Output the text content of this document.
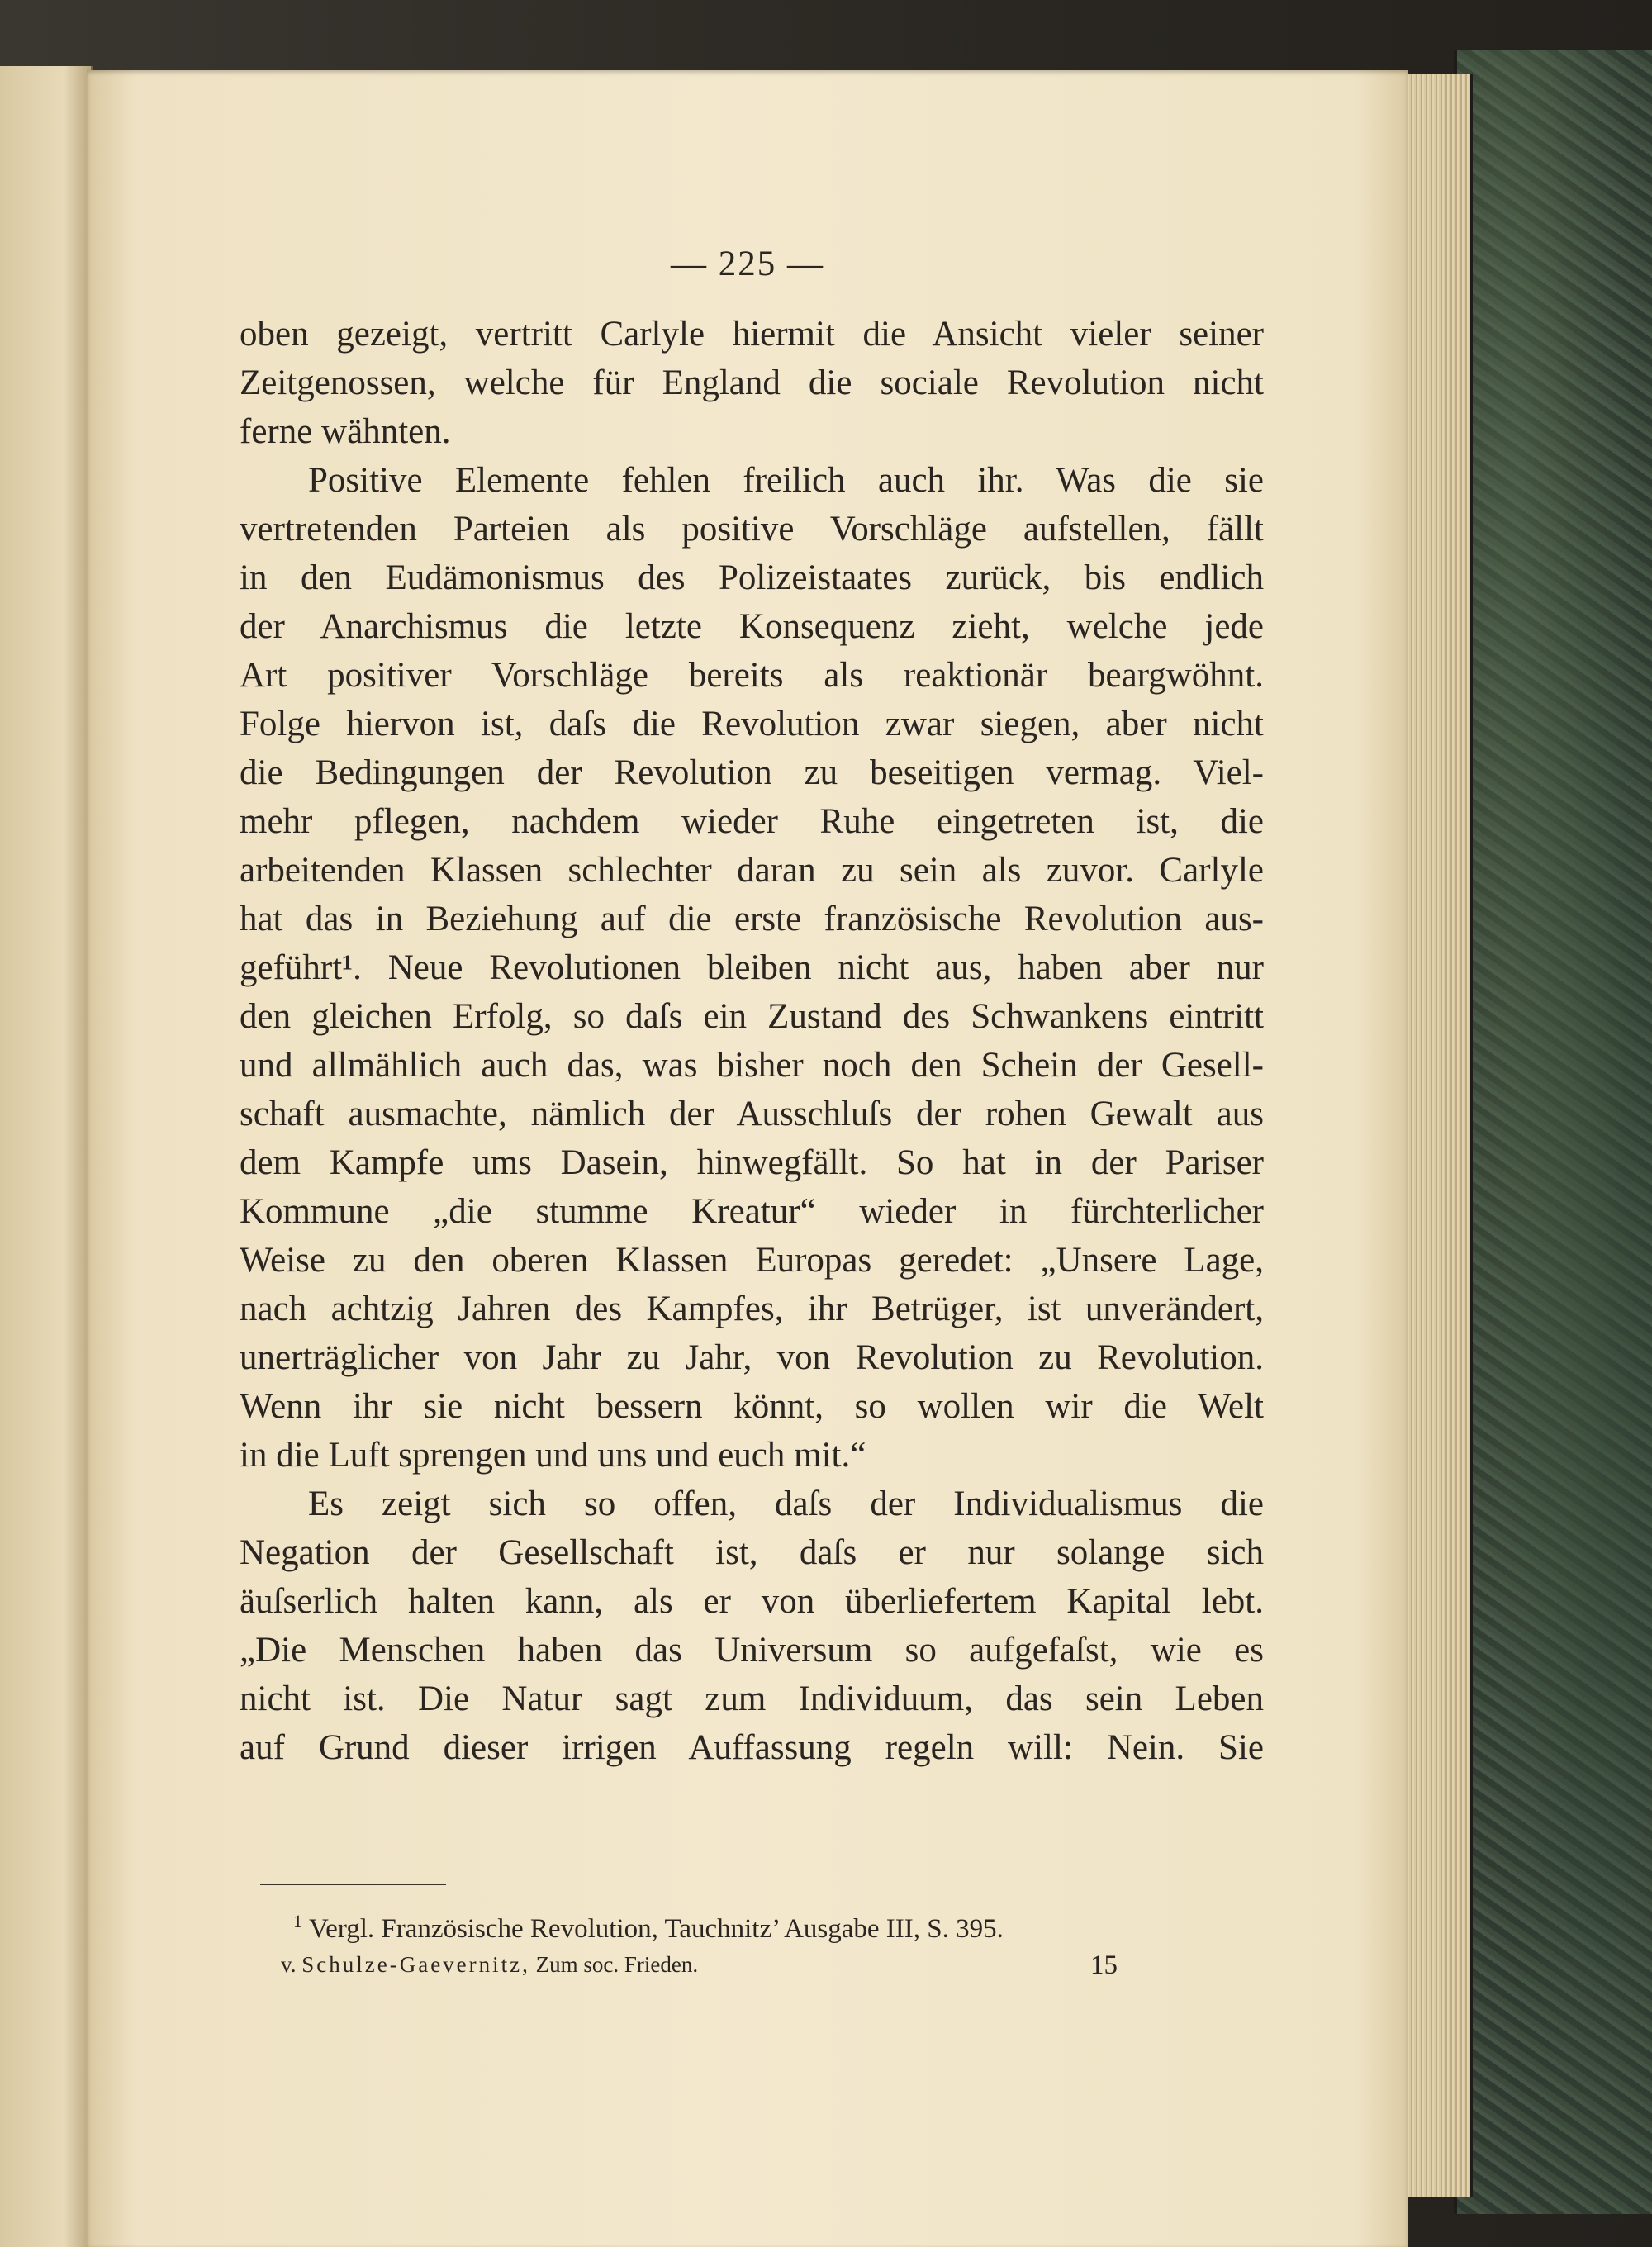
— 225 —
oben gezeigt, vertritt Carlyle hiermit die Ansicht vieler seiner
Zeitgenossen, welche für England die sociale Revolution nicht
ferne wähnten.
Positive Elemente fehlen freilich auch ihr. Was die sie
vertretenden Parteien als positive Vorschläge aufstellen, fällt
in den Eudämonismus des Polizeistaates zurück, bis endlich
der Anarchismus die letzte Konsequenz zieht, welche jede
Art positiver Vorschläge bereits als reaktionär beargwöhnt.
Folge hiervon ist, daſs die Revolution zwar siegen, aber nicht
die Bedingungen der Revolution zu beseitigen vermag. Viel-
mehr pflegen, nachdem wieder Ruhe eingetreten ist, die
arbeitenden Klassen schlechter daran zu sein als zuvor. Carlyle
hat das in Beziehung auf die erste französische Revolution aus-
geführt¹. Neue Revolutionen bleiben nicht aus, haben aber nur
den gleichen Erfolg, so daſs ein Zustand des Schwankens eintritt
und allmählich auch das, was bisher noch den Schein der Gesell-
schaft ausmachte, nämlich der Ausschluſs der rohen Gewalt aus
dem Kampfe ums Dasein, hinwegfällt. So hat in der Pariser
Kommune „die stumme Kreatur“ wieder in fürchterlicher
Weise zu den oberen Klassen Europas geredet: „Unsere Lage,
nach achtzig Jahren des Kampfes, ihr Betrüger, ist unverändert,
unerträglicher von Jahr zu Jahr, von Revolution zu Revolution.
Wenn ihr sie nicht bessern könnt, so wollen wir die Welt
in die Luft sprengen und uns und euch mit.“
Es zeigt sich so offen, daſs der Individualismus die
Negation der Gesellschaft ist, daſs er nur solange sich
äuſserlich halten kann, als er von überliefertem Kapital lebt.
„Die Menschen haben das Universum so aufgefaſst, wie es
nicht ist. Die Natur sagt zum Individuum, das sein Leben
auf Grund dieser irrigen Auffassung regeln will: Nein. Sie
$^1$ Vergl. Französische Revolution, Tauchnitz’ Ausgabe III, S. 395.
v. Schulze-Gaevernitz, Zum soc. Frieden.	15
